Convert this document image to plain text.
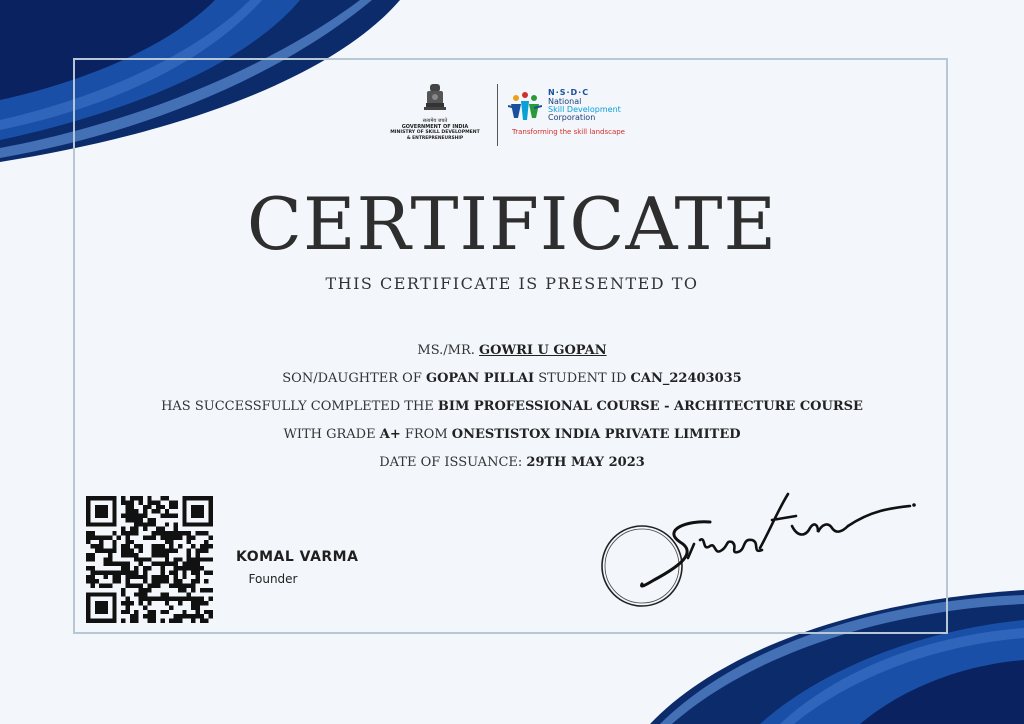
सत्यमेव जयते
GOVERNMENT OF INDIA
MINISTRY OF SKILL DEVELOPMENT
& ENTREPRENEURSHIP
N·S·D·C
National
Skill Development
Corporation
Transforming the skill landscape
CERTIFICATE
THIS CERTIFICATE IS PRESENTED TO
MS./MR. GOWRI U GOPAN
SON/DAUGHTER OF GOPAN PILLAI STUDENT ID CAN_22403035
HAS SUCCESSFULLY COMPLETED THE BIM PROFESSIONAL COURSE - ARCHITECTURE COURSE
WITH GRADE A+ FROM ONESTISTOX INDIA PRIVATE LIMITED
DATE OF ISSUANCE: 29TH MAY 2023
KOMAL VARMA
Founder
